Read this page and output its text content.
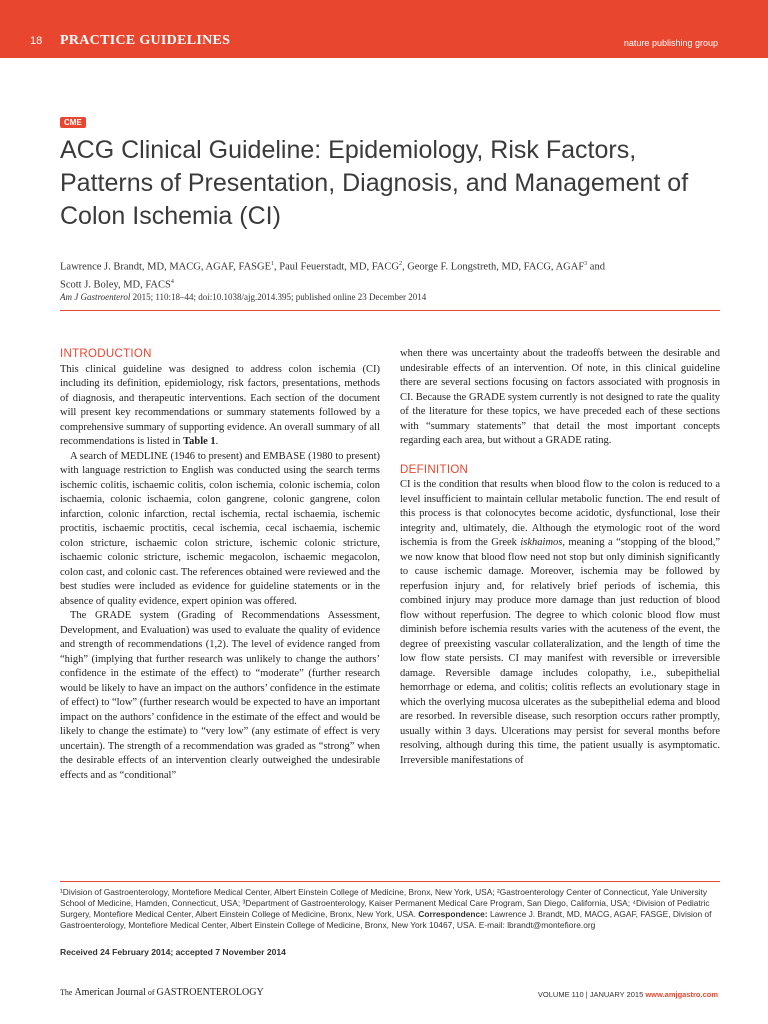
18 PRACTICE GUIDELINES	nature publishing group
CME
ACG Clinical Guideline: Epidemiology, Risk Factors, Patterns of Presentation, Diagnosis, and Management of Colon Ischemia (CI)
Lawrence J. Brandt, MD, MACG, AGAF, FASGE$^1$, Paul Feuerstadt, MD, FACG$^2$, George F. Longstreth, MD, FACG, AGAF$^3$ and
Scott J. Boley, MD, FACS$^4$
Am J Gastroenterol 2015; 110:18–44; doi:10.1038/ajg.2014.395; published online 23 December 2014
INTRODUCTION

This clinical guideline was designed to address colon ischemia (CI) including its definition, epidemiology, risk factors, presentations, methods of diagnosis, and therapeutic interventions. Each section of the document will present key recommendations or summary statements followed by a comprehensive summary of supporting evidence. An overall summary of all recommendations is listed in Table 1.

A search of MEDLINE (1946 to present) and EMBASE (1980 to present) with language restriction to English was conducted using the search terms ischemic colitis, ischaemic colitis, colon ischemia, colonic ischemia, colon ischaemia, colonic ischaemia, colon gangrene, colonic gangrene, colon infarction, colonic infarction, rectal ischemia, rectal ischaemia, ischemic proctitis, ischaemic proctitis, cecal ischemia, cecal ischaemia, ischemic colon stricture, ischaemic colon stricture, ischemic colonic stricture, ischaemic colonic stricture, ischemic megacolon, ischaemic megacolon, colon cast, and colonic cast. The references obtained were reviewed and the best studies were included as evidence for guideline statements or in the absence of quality evidence, expert opinion was offered.

The GRADE system (Grading of Recommendations Assessment, Development, and Evaluation) was used to evaluate the quality of evidence and strength of recommendations (1,2). The level of evidence ranged from “high” (implying that further research was unlikely to change the authors’ confidence in the estimate of the effect) to “moderate” (further research would be likely to have an impact on the authors’ confidence in the estimate of effect) to “low” (further research would be expected to have an important impact on the authors’ confidence in the estimate of the effect and would be likely to change the estimate) to “very low” (any estimate of effect is very uncertain). The strength of a recommendation was graded as “strong” when the desirable effects of an intervention clearly outweighed the undesirable effects and as “conditional”

when there was uncertainty about the tradeoffs between the desirable and undesirable effects of an intervention. Of note, in this clinical guideline there are several sections focusing on factors associated with prognosis in CI. Because the GRADE system currently is not designed to rate the quality of the literature for these topics, we have preceded each of these sections with “summary statements” that detail the most important concepts regarding each area, but without a GRADE rating.

DEFINITION

CI is the condition that results when blood flow to the colon is reduced to a level insufficient to maintain cellular metabolic function. The end result of this process is that colonocytes become acidotic, dysfunctional, lose their integrity and, ultimately, die. Although the etymologic root of the word ischemia is from the Greek iskhaimos, meaning a “stopping of the blood,” we now know that blood flow need not stop but only diminish significantly to cause ischemic damage. Moreover, ischemia may be followed by reperfusion injury and, for relatively brief periods of ischemia, this combined injury may produce more damage than just reduction of blood flow without reperfusion. The degree to which colonic blood flow must diminish before ischemia results varies with the acuteness of the event, the degree of preexisting vascular collateralization, and the length of time the low flow state persists. CI may manifest with reversible or irreversible damage. Reversible damage includes colopathy, i.e., subepithelial hemorrhage or edema, and colitis; colitis reflects an evolutionary stage in which the overlying mucosa ulcerates as the subepithelial edema and blood are resorbed. In reversible disease, such resorption occurs rather promptly, usually within 3 days. Ulcerations may persist for several months before resolving, although during this time, the patient usually is asymptomatic. Irreversible manifestations of

¹Division of Gastroenterology, Montefiore Medical Center, Albert Einstein College of Medicine, Bronx, New York, USA; ²Gastroenterology Center of Connecticut, Yale University School of Medicine, Hamden, Connecticut, USA; ³Department of Gastroenterology, Kaiser Permanent Medical Care Program, San Diego, California, USA; ⁴Division of Pediatric Surgery, Montefiore Medical Center, Albert Einstein College of Medicine, Bronx, New York, USA. Correspondence: Lawrence J. Brandt, MD, MACG, AGAF, FASGE, Division of Gastroenterology, Montefiore Medical Center, Albert Einstein College of Medicine, Bronx, New York 10467, USA. E-mail: lbrandt@montefiore.org
Received 24 February 2014; accepted 7 November 2014
The American Journal of GASTROENTEROLOGY	VOLUME 110 | JANUARY 2015 www.amjgastro.com
